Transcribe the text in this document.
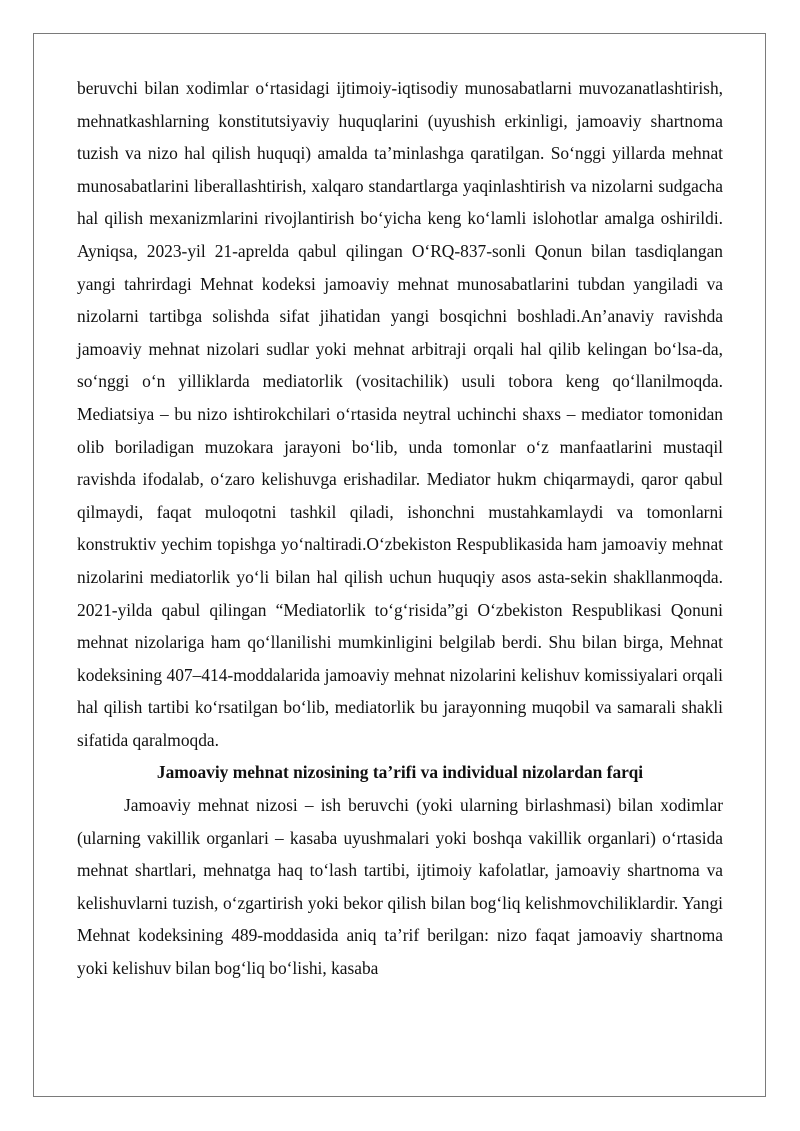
beruvchi bilan xodimlar o‘rtasidagi ijtimoiy-iqtisodiy munosabatlarni muvozanatlashtirish, mehnatkashlarning konstitutsiyaviy huquqlarini (uyushish erkinligi, jamoaviy shartnoma tuzish va nizo hal qilish huquqi) amalda ta’minlashga qaratilgan. So‘nggi yillarda mehnat munosabatlarini liberallashtirish, xalqaro standartlarga yaqinlashtirish va nizolarni sudgacha hal qilish mexanizmlarini rivojlantirish bo‘yicha keng ko‘lamli islohotlar amalga oshirildi. Ayniqsa, 2023-yil 21-aprelda qabul qilingan O‘RQ-837-sonli Qonun bilan tasdiqlangan yangi tahrirdagi Mehnat kodeksi jamoaviy mehnat munosabatlarini tubdan yangiladi va nizolarni tartibga solishda sifat jihatidan yangi bosqichni boshladi.An’anaviy ravishda jamoaviy mehnat nizolari sudlar yoki mehnat arbitraji orqali hal qilib kelingan bo‘lsa-da, so‘nggi o‘n yilliklarda mediatorlik (vositachilik) usuli tobora keng qo‘llanilmoqda. Mediatsiya – bu nizo ishtirokchilari o‘rtasida neytral uchinchi shaxs – mediator tomonidan olib boriladigan muzokara jarayoni bo‘lib, unda tomonlar o‘z manfaatlarini mustaqil ravishda ifodalab, o‘zaro kelishuvga erishadilar. Mediator hukm chiqarmaydi, qaror qabul qilmaydi, faqat muloqotni tashkil qiladi, ishonchni mustahkamlaydi va tomonlarni konstruktiv yechim topishga yo‘naltiradi.O‘zbekiston Respublikasida ham jamoaviy mehnat nizolarini mediatorlik yo‘li bilan hal qilish uchun huquqiy asos asta-sekin shakllanmoqda. 2021-yilda qabul qilingan “Mediatorlik to‘g‘risida”gi O‘zbekiston Respublikasi Qonuni mehnat nizolariga ham qo‘llanilishi mumkinligini belgilab berdi. Shu bilan birga, Mehnat kodeksining 407–414-moddalarida jamoaviy mehnat nizolarini kelishuv komissiyalari orqali hal qilish tartibi ko‘rsatilgan bo‘lib, mediatorlik bu jarayonning muqobil va samarali shakli sifatida qaralmoqda.

Jamoaviy mehnat nizosining ta’rifi va individual nizolardan farqi

Jamoaviy mehnat nizosi – ish beruvchi (yoki ularning birlashmasi) bilan xodimlar (ularning vakillik organlari – kasaba uyushmalari yoki boshqa vakillik organlari) o‘rtasida mehnat shartlari, mehnatga haq to‘lash tartibi, ijtimoiy kafolatlar, jamoaviy shartnoma va kelishuvlarni tuzish, o‘zgartirish yoki bekor qilish bilan bog‘liq kelishmovchiliklardir. Yangi Mehnat kodeksining 489-moddasida aniq ta’rif berilgan: nizo faqat jamoaviy shartnoma yoki kelishuv bilan bog‘liq bo‘lishi, kasaba
